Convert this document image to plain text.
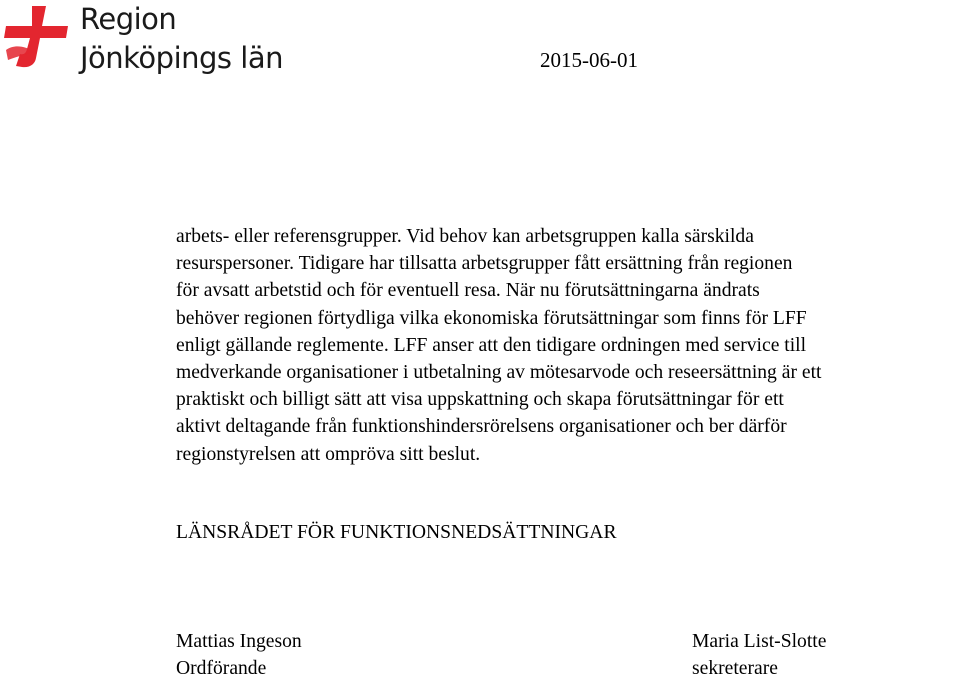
Region
Jönköpings län	2015-06-01
arbets- eller referensgrupper. Vid behov kan arbetsgruppen kalla särskilda
resurspersoner. Tidigare har tillsatta arbetsgrupper fått ersättning från regionen
för avsatt arbetstid och för eventuell resa. När nu förutsättningarna ändrats
behöver regionen förtydliga vilka ekonomiska förutsättningar som finns för LFF
enligt gällande reglemente. LFF anser att den tidigare ordningen med service till
medverkande organisationer i utbetalning av mötesarvode och reseersättning är ett
praktiskt och billigt sätt att visa uppskattning och skapa förutsättningar för ett
aktivt deltagande från funktionshindersrörelsens organisationer och ber därför
regionstyrelsen att ompröva sitt beslut.
LÄNSRÅDET FÖR FUNKTIONSNEDSÄTTNINGAR
Mattias Ingeson
Ordförande
Maria List-Slotte
sekreterare
